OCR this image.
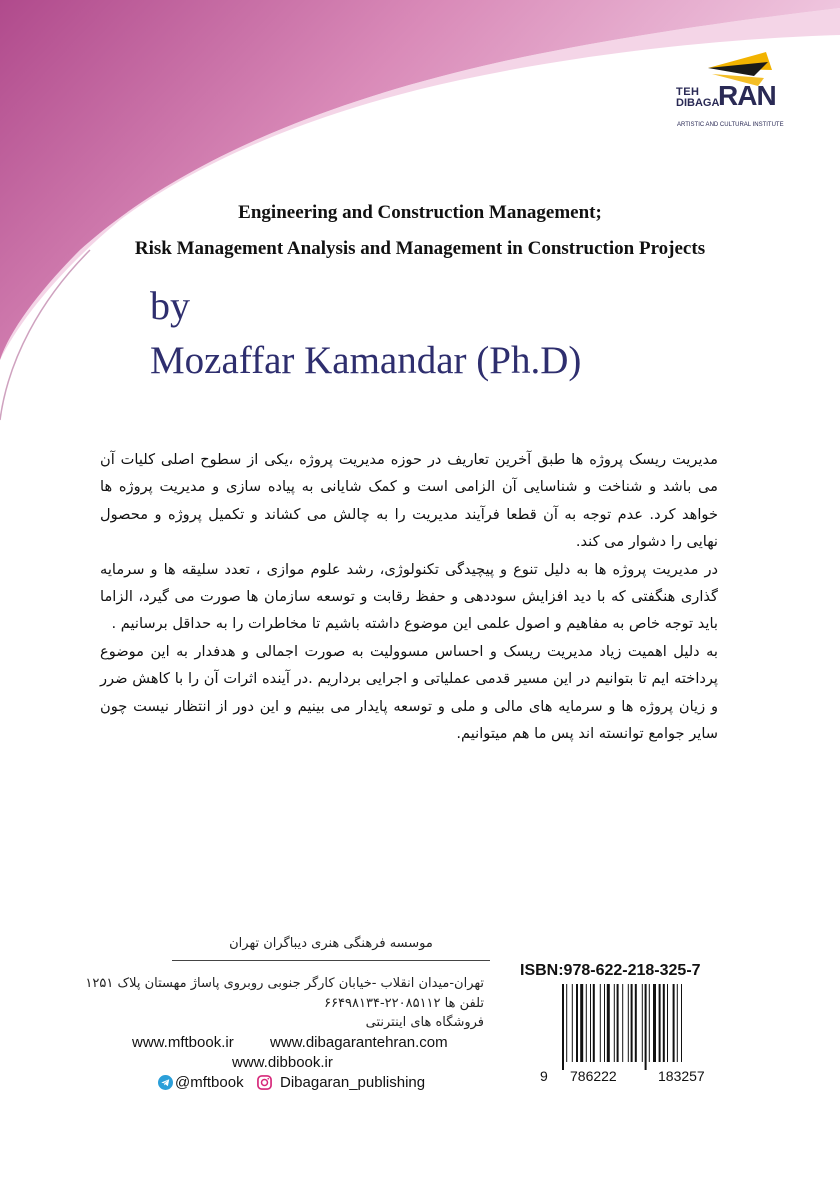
TEH
DIBAGA
RAN
ARTISTIC AND CULTURAL INSTITUTE
Engineering and Construction Management;
Risk Management Analysis and Management in Construction Projects
by
Mozaffar Kamandar (Ph.D)

مدیریت ریسک پروژه ها طبق آخرین تعاریف در حوزه مدیریت پروژه ،یکی از سطوح اصلی کلیات آن می باشد و شناخت و شناسایی آن الزامی است و کمک شایانی به پیاده سازی و مدیریت پروژه ها خواهد کرد. عدم توجه به آن قطعا فرآیند مدیریت را به چالش می کشاند و تکمیل پروژه و محصول نهایی را دشوار می کند.

در مدیریت پروژه ها به دلیل تنوع و پیچیدگی تکنولوژی، رشد علوم موازی ، تعدد سلیقه ها و سرمایه گذاری هنگفتی که با دید افزایش سوددهی و حفظ رقابت و توسعه سازمان ها صورت می گیرد، الزاما باید توجه خاص به مفاهیم و اصول علمی این موضوع داشته باشیم تا مخاطرات را به حداقل برسانیم .

به دلیل اهمیت زیاد مدیریت ریسک و احساس مسوولیت به صورت اجمالی و هدفدار به این موضوع پرداخته ایم تا بتوانیم در این مسیر قدمی عملیاتی و اجرایی برداریم .در آینده اثرات آن را با کاهش ضرر و زیان پروژه ها و سرمایه های مالی و ملی و توسعه پایدار می بینیم و این دور از انتظار نیست چون سایر جوامع توانسته اند پس ما هم میتوانیم.

موسسه فرهنگی هنری دیباگران تهران
تهران-میدان انقلاب -خیابان کارگر جنوبی روبروی پاساژ مهستان پلاک ۱۲۵۱
تلفن ها ۲۲۰۸۵۱۱۲-۶۶۴۹۸۱۳۴
فروشگاه های اینترنتی
www.mftbook.ir www.dibagarantehran.com
www.dibbook.ir
@mftbook Dibagaran_publishing
ISBN:978-622-218-325-7
9 786222	183257
